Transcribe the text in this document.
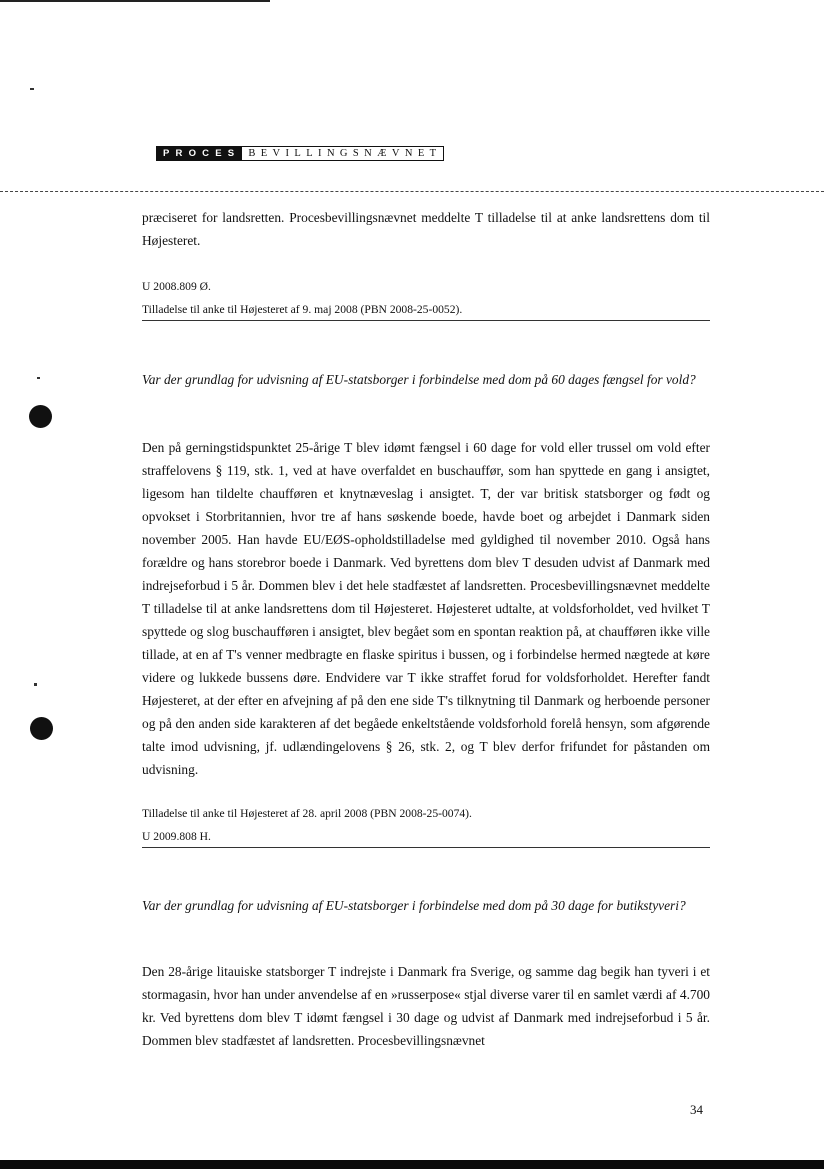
PROCES BEVILLINGSNÆVNET
præciseret for landsretten. Procesbevillingsnævnet meddelte T tilladelse til at anke landsrettens dom til Højesteret.
U 2008.809 Ø.
Tilladelse til anke til Højesteret af 9. maj 2008 (PBN 2008-25-0052).
Var der grundlag for udvisning af EU-statsborger i forbindelse med dom på 60 dages fængsel for vold?
Den på gerningstidspunktet 25-årige T blev idømt fængsel i 60 dage for vold eller trussel om vold efter straffelovens § 119, stk. 1, ved at have overfaldet en buschauffør, som han spyttede en gang i ansigtet, ligesom han tildelte chaufføren et knytnæveslag i ansigtet. T, der var britisk statsborger og født og opvokset i Storbritannien, hvor tre af hans søskende boede, havde boet og arbejdet i Danmark siden november 2005. Han havde EU/EØS-opholdstilladelse med gyldighed til november 2010. Også hans forældre og hans storebror boede i Danmark. Ved byrettens dom blev T desuden udvist af Danmark med indrejseforbud i 5 år. Dommen blev i det hele stadfæstet af landsretten. Procesbevillingsnævnet meddelte T tilladelse til at anke landsrettens dom til Højesteret. Højesteret udtalte, at voldsforholdet, ved hvilket T spyttede og slog buschaufføren i ansigtet, blev begået som en spontan reaktion på, at chaufføren ikke ville tillade, at en af T's venner medbragte en flaske spiritus i bussen, og i forbindelse hermed nægtede at køre videre og lukkede bussens døre. Endvidere var T ikke straffet forud for voldsforholdet. Herefter fandt Højesteret, at der efter en afvejning af på den ene side T's tilknytning til Danmark og herboende personer og på den anden side karakteren af det begåede enkeltstående voldsforhold forelå hensyn, som afgørende talte imod udvisning, jf. udlændingelovens § 26, stk. 2, og T blev derfor frifundet for påstanden om udvisning.
Tilladelse til anke til Højesteret af 28. april 2008 (PBN 2008-25-0074).
U 2009.808 H.
Var der grundlag for udvisning af EU-statsborger i forbindelse med dom på 30 dage for butikstyveri?
Den 28-årige litauiske statsborger T indrejste i Danmark fra Sverige, og samme dag begik han tyveri i et stormagasin, hvor han under anvendelse af en »russerpose« stjal diverse varer til en samlet værdi af 4.700 kr. Ved byrettens dom blev T idømt fængsel i 30 dage og udvist af Danmark med indrejseforbud i 5 år. Dommen blev stadfæstet af landsretten. Procesbevillingsnævnet
34
